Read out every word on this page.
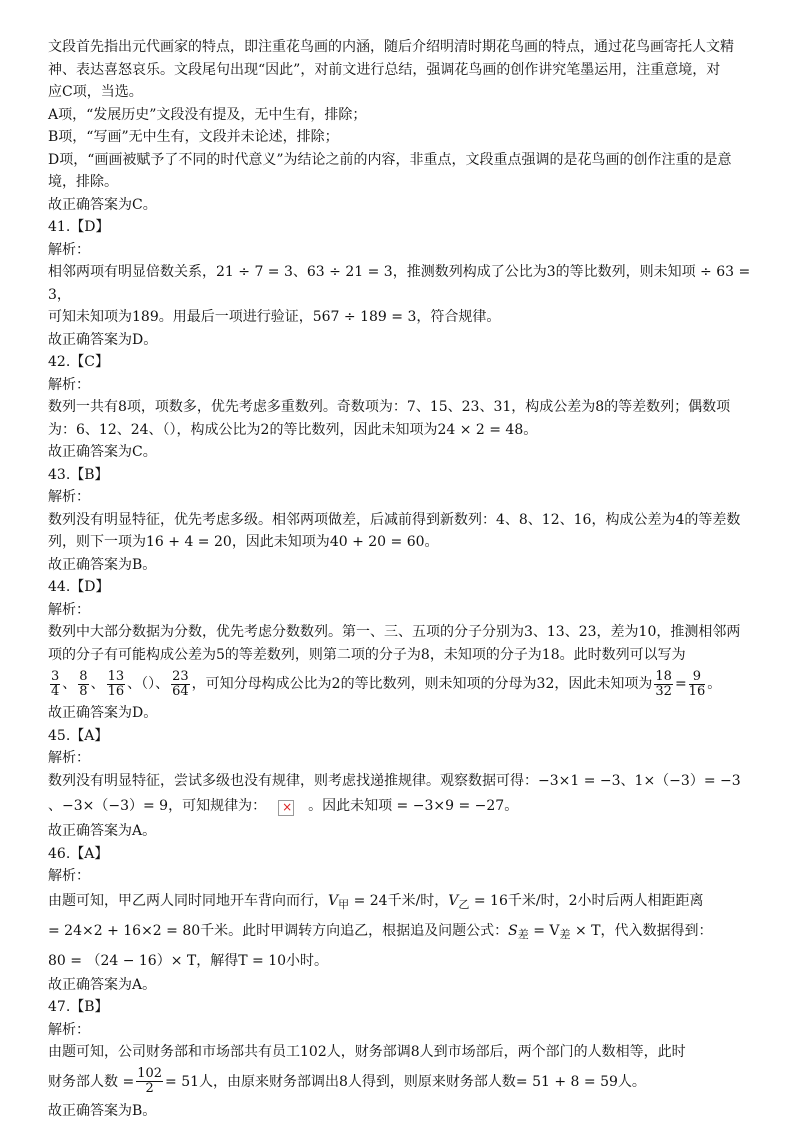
文段首先指出元代画家的特点，即注重花鸟画的内涵，随后介绍明清时期花鸟画的特点，通过花鸟画寄托人文精

神、表达喜怒哀乐。文段尾句出现“因此”，对前文进行总结，强调花鸟画的创作讲究笔墨运用，注重意境，对

应C项，当选。

A项，“发展历史”文段没有提及，无中生有，排除；

B项，“写画”无中生有，文段并未论述，排除；

D项，“画画被赋予了不同的时代意义”为结论之前的内容，非重点，文段重点强调的是花鸟画的创作注重的是意

境，排除。

故正确答案为C。

41.【D】

解析：

相邻两项有明显倍数关系，21 ÷ 7 = 3、63 ÷ 21 = 3，推测数列构成了公比为3的等比数列，则未知项 ÷ 63 = 3，

可知未知项为189。用最后一项进行验证，567 ÷ 189 = 3，符合规律。

故正确答案为D。

42.【C】

解析：

数列一共有8项，项数多，优先考虑多重数列。奇数项为：7、15、23、31，构成公差为8的等差数列；偶数项

为：6、12、24、（），构成公比为2的等比数列，因此未知项为24 × 2 = 48。

故正确答案为C。

43.【B】

解析：

数列没有明显特征，优先考虑多级。相邻两项做差，后减前得到新数列：4、8、12、16，构成公差为4的等差数

列，则下一项为16 + 4 = 20，因此未知项为40 + 20 = 60。

故正确答案为B。

44.【D】

解析：

数列中大部分数据为分数，优先考虑分数数列。第一、三、五项的分子分别为3、13、23，差为10，推测相邻两

项的分子有可能构成公差为5的等差数列，则第二项的分子为8，未知项的分子为18。此时数列可以写为

$\frac{3}{4}$ 、 $\frac{8}{8}$ 、 $\frac{13}{16}$ 、（）、 $\frac{23}{64}$ ，可知分母构成公比为2的等比数列，则未知项的分母为32，因此未知项为 $\frac{18}{32} = \frac{9}{16}$ 。

故正确答案为D。

45.【A】

解析：

数列没有明显特征，尝试多级也没有规律，则考虑找递推规律。观察数据可得：−3×1 = −3、1×（−3）= −3

、−3×（−3）= 9，可知规律为：×	。因此未知项 = −3×9 = −27。

故正确答案为A。

46.【A】

解析：

由题可知，甲乙两人同时同地开车背向而行，$V_甲 = 24$千米/时，$V_乙 = 16$千米/时，2小时后两人相距距离

= 24×2 + 16×2 = 80千米。此时甲调转方向追乙，根据追及问题公式：$S_差 = V_差 \times T$，代入数据得到：

80 = （24 − 16）× T，解得T = 10小时。

故正确答案为A。

47.【B】

解析：

由题可知，公司财务部和市场部共有员工102人，财务部调8人到市场部后，两个部门的人数相等，此时

财务部人数 = $\frac{102}{2} = 51$人，由原来财务部调出8人得到，则原来财务部人数= 51 + 8 = 59人。

故正确答案为B。
